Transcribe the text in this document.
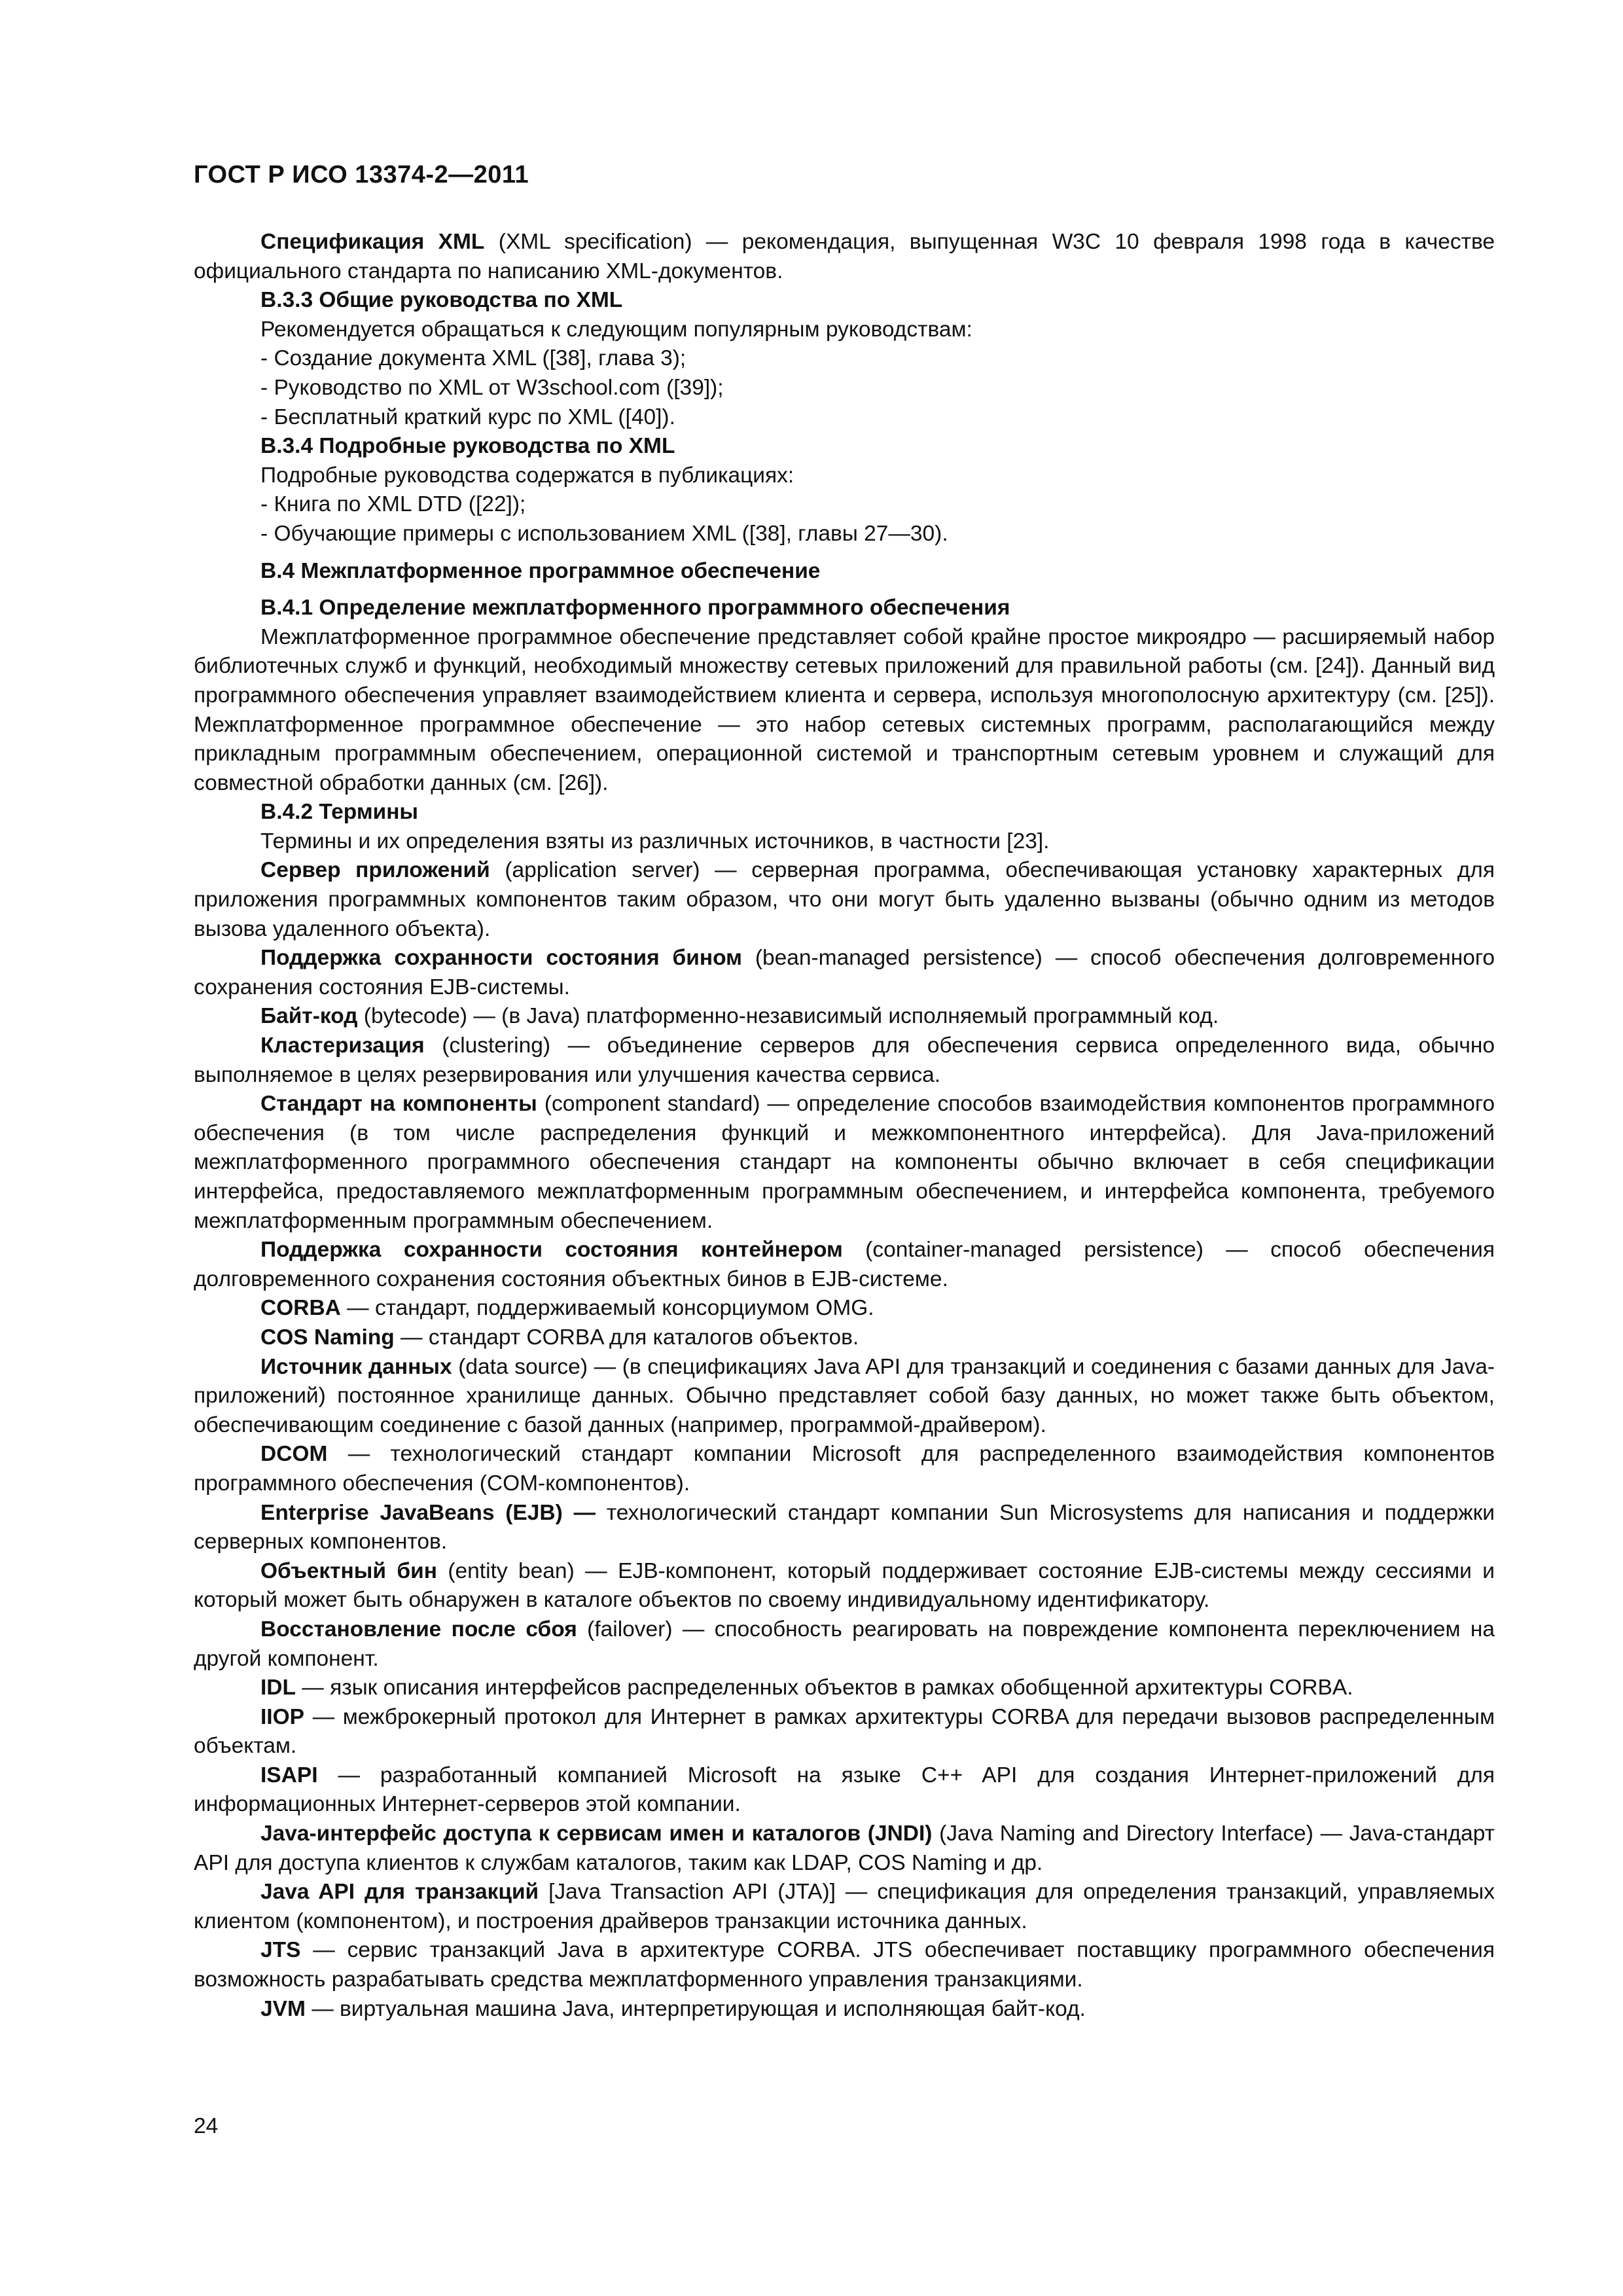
ГОСТ Р ИСО 13374-2—2011

Спецификация XML (XML specification) — рекомендация, выпущенная W3C 10 февраля 1998 года в качестве официального стандарта по написанию XML-документов.

B.3.3 Общие руководства по XML

Рекомендуется обращаться к следующим популярным руководствам:

- Создание документа XML ([38], глава 3);

- Руководство по XML от W3school.com ([39]);

- Бесплатный краткий курс по XML ([40]).

B.3.4 Подробные руководства по XML

Подробные руководства содержатся в публикациях:

- Книга по XML DTD ([22]);

- Обучающие примеры с использованием XML ([38], главы 27—30).

B.4 Межплатформенное программное обеспечение

B.4.1 Определение межплатформенного программного обеспечения

Межплатформенное программное обеспечение представляет собой крайне простое микроядро — расширяемый набор библиотечных служб и функций, необходимый множеству сетевых приложений для правильной работы (см. [24]). Данный вид программного обеспечения управляет взаимодействием клиента и сервера, используя многополосную архитектуру (см. [25]). Межплатформенное программное обеспечение — это набор сетевых системных программ, располагающийся между прикладным программным обеспечением, операционной системой и транспортным сетевым уровнем и служащий для совместной обработки данных (см. [26]).

B.4.2 Термины

Термины и их определения взяты из различных источников, в частности [23].

Сервер приложений (application server) — серверная программа, обеспечивающая установку характерных для приложения программных компонентов таким образом, что они могут быть удаленно вызваны (обычно одним из методов вызова удаленного объекта).

Поддержка сохранности состояния бином (bean-managed persistence) — способ обеспечения долговременного сохранения состояния EJB-системы.

Байт-код (bytecode) — (в Java) платформенно-независимый исполняемый программный код.

Кластеризация (clustering) — объединение серверов для обеспечения сервиса определенного вида, обычно выполняемое в целях резервирования или улучшения качества сервиса.

Стандарт на компоненты (component standard) — определение способов взаимодействия компонентов программного обеспечения (в том числе распределения функций и межкомпонентного интерфейса). Для Java-приложений межплатформенного программного обеспечения стандарт на компоненты обычно включает в себя спецификации интерфейса, предоставляемого межплатформенным программным обеспечением, и интерфейса компонента, требуемого межплатформенным программным обеспечением.

Поддержка сохранности состояния контейнером (container-managed persistence) — способ обеспечения долговременного сохранения состояния объектных бинов в EJB-системе.

CORBA — стандарт, поддерживаемый консорциумом OMG.

COS Naming — стандарт CORBA для каталогов объектов.

Источник данных (data source) — (в спецификациях Java API для транзакций и соединения с базами данных для Java-приложений) постоянное хранилище данных. Обычно представляет собой базу данных, но может также быть объектом, обеспечивающим соединение с базой данных (например, программой-драйвером).

DCOM — технологический стандарт компании Microsoft для распределенного взаимодействия компонентов программного обеспечения (COM-компонентов).

Enterprise JavaBeans (EJB) — технологический стандарт компании Sun Microsystems для написания и поддержки серверных компонентов.

Объектный бин (entity bean) — EJB-компонент, который поддерживает состояние EJB-системы между сессиями и который может быть обнаружен в каталоге объектов по своему индивидуальному идентификатору.

Восстановление после сбоя (failover) — способность реагировать на повреждение компонента переключением на другой компонент.

IDL — язык описания интерфейсов распределенных объектов в рамках обобщенной архитектуры CORBA.

IIOP — межброкерный протокол для Интернет в рамках архитектуры CORBA для передачи вызовов распределенным объектам.

ISAPI — разработанный компанией Microsoft на языке C++ API для создания Интернет-приложений для информационных Интернет-серверов этой компании.

Java-интерфейс доступа к сервисам имен и каталогов (JNDI) (Java Naming and Directory Interface) — Java-стандарт API для доступа клиентов к службам каталогов, таким как LDAP, COS Naming и др.

Java API для транзакций [Java Transaction API (JTA)] — спецификация для определения транзакций, управляемых клиентом (компонентом), и построения драйверов транзакции источника данных.

JTS — сервис транзакций Java в архитектуре CORBA. JTS обеспечивает поставщику программного обеспечения возможность разрабатывать средства межплатформенного управления транзакциями.

JVM — виртуальная машина Java, интерпретирующая и исполняющая байт-код.

24
